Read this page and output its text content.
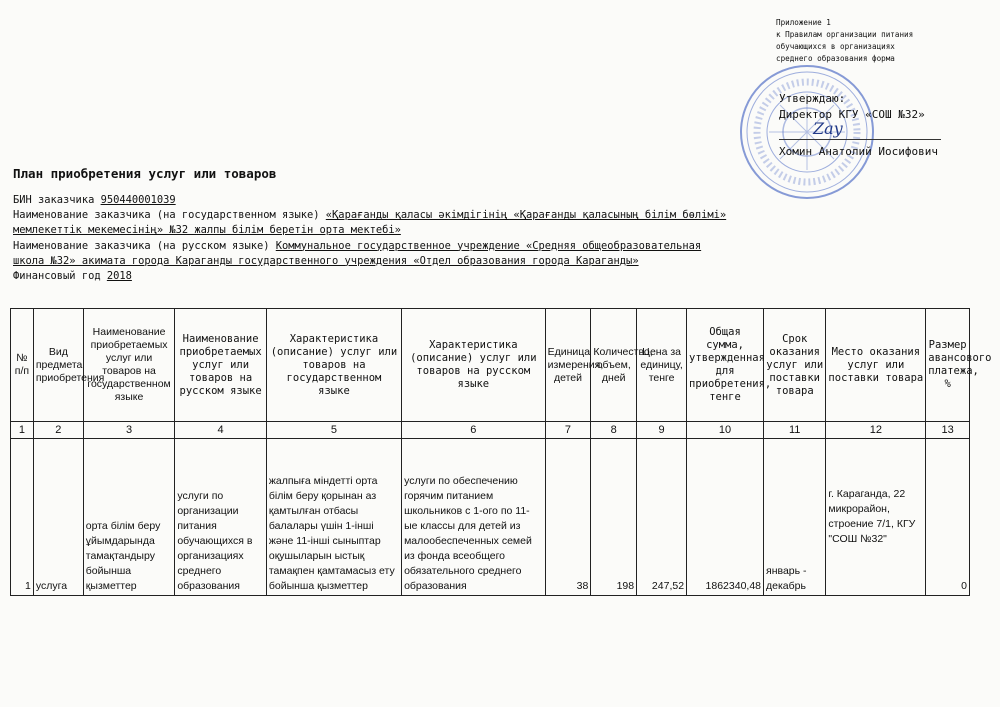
Приложение 1
к Правилам организации питания
обучающихся в организациях
среднего образования форма
Утверждаю:
Директор КГУ «СОШ №32»
Zay
Хомин Анатолий Иосифович
План приобретения услуг или товаров
БИН заказчика 950440001039
Наименование заказчика (на государственном языке) «Қарағанды қаласы әкімдігінің «Қарағанды қаласының білім бөлімі»
мемлекеттік мекемесінің» №32 жалпы білім беретін орта мектебі»
Наименование заказчика (на русском языке) Коммунальное государственное учреждение «Средняя общеобразовательная
школа №32» акимата города Караганды государственного учреждения «Отдел образования города Караганды»
Финансовый год 2018
№ п/п	Вид предмета приобретения	Наименование приобретаемых услуг или товаров на государственном языке	Наименование приобретаемых услуг или товаров на русском языке	Характеристика (описание) услуг или товаров на государственном языке	Характеристика (описание) услуг или товаров на русском языке	Единица измерения, детей	Количество, объем, дней	Цена за единицу, тенге	Общая сумма, утвержденная для приобретения, тенге	Срок оказания услуг или поставки товара	Место оказания услуг или поставки товара	Размер авансового платежа, %
1	2	3	4	5	6	7	8	9	10	11	12	13
1	услуга	орта білім беру ұйымдарында тамақтандыру бойынша қызметтер	услуги по организации питания обучающихся в организациях среднего образования	жалпыға міндетті орта білім беру қорынан аз қамтылған отбасы балалары үшін 1-інші және 11-інші сыныптар оқушыларын ыстық тамақпен қамтамасыз ету бойынша қызметтер	услуги по обеспечению горячим питанием школьников с 1-ого по 11-ые классы для детей из малообеспеченных семей из фонда всеобщего обязательного среднего образования	38	198	247,52	1862340,48	январь - декабрь	г. Караганда, 22 микрорайон, строение 7/1, КГУ "СОШ №32"	0
